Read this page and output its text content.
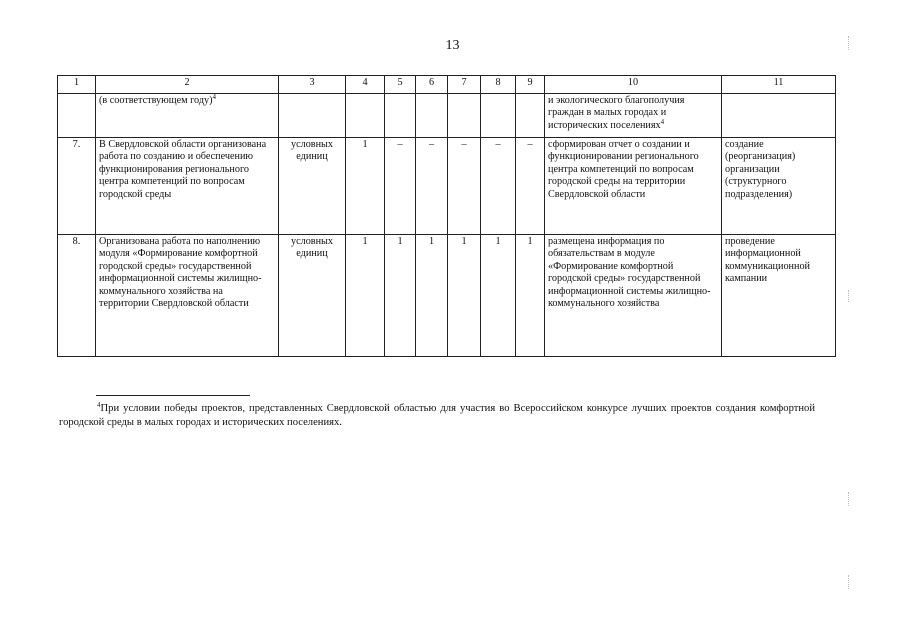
13
1	2	3	4	5	6	7	8	9	10	11
	(в соответствующем году)$^4$								и экологического благополучия граждан в малых городах и исторических поселениях$^4$	
7.	В Свердловской области организована работа по созданию и обеспечению функционирования регионального центра компетенций по вопросам городской среды	условных единиц	1	–	–	–	–	–	сформирован отчет о создании и функционировании регионального центра компетенций по вопросам городской среды на территории Свердловской области	создание (реорганизация) организации (структурного подразделения)
8.	Организована работа по наполнению модуля «Формирование комфортной городской среды» государственной информационной системы жилищно-коммунального хозяйства на территории Свердловской области	условных единиц	1	1	1	1	1	1	размещена информация по обязательствам в модуле «Формирование комфортной городской среды» государственной информационной системы жилищно-коммунального хозяйства	проведение информационной коммуникационной кампании
$^4$При условии победы проектов, представленных Свердловской областью для участия во Всероссийском конкурсе лучших проектов создания комфортной городской среды в малых городах и исторических поселениях.
